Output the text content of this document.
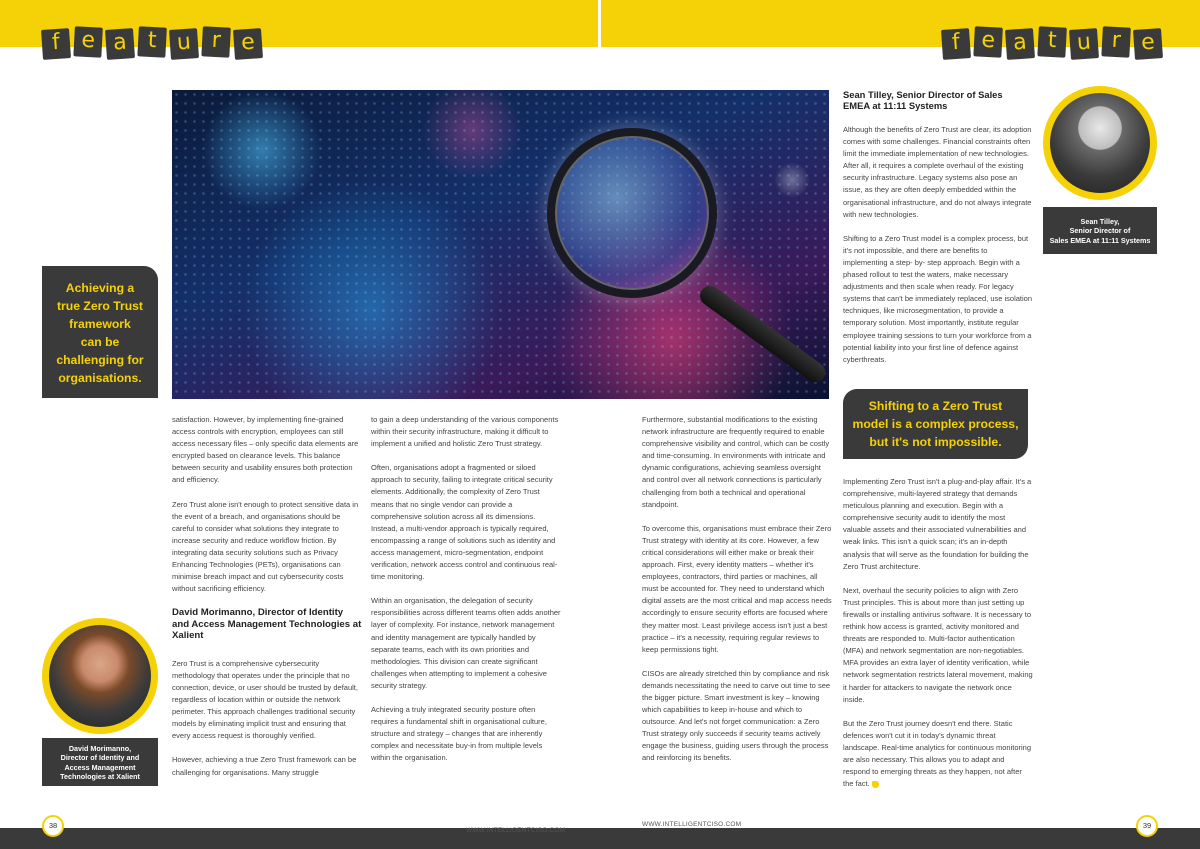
f e a t u r e	f e a t u r e
Achieving a
true Zero Trust
framework
can be
challenging for
organisations.

satisfaction. However, by implementing fine-grained access controls with encryption, employees can still access necessary files – only specific data elements are encrypted based on clearance levels. This balance between security and usability ensures both protection and efficiency.

Zero Trust alone isn't enough to protect sensitive data in the event of a breach, and organisations should be careful to consider what solutions they integrate to increase security and reduce workflow friction. By integrating data security solutions such as Privacy Enhancing Technologies (PETs), organisations can minimise breach impact and cut cybersecurity costs without sacrificing efficiency.

David Morimanno, Director of Identity and Access Management Technologies at Xalient

Zero Trust is a comprehensive cybersecurity methodology that operates under the principle that no connection, device, or user should be trusted by default, regardless of location within or outside the network perimeter. This approach challenges traditional security models by eliminating implicit trust and ensuring that every access request is thoroughly verified.

However, achieving a true Zero Trust framework can be challenging for organisations. Many struggle

to gain a deep understanding of the various components within their security infrastructure, making it difficult to implement a unified and holistic Zero Trust strategy.

Often, organisations adopt a fragmented or siloed approach to security, failing to integrate critical security elements. Additionally, the complexity of Zero Trust means that no single vendor can provide a comprehensive solution across all its dimensions. Instead, a multi-vendor approach is typically required, encompassing a range of solutions such as identity and access management, micro-segmentation, endpoint verification, network access control and continuous real-time monitoring.

Within an organisation, the delegation of security responsibilities across different teams often adds another layer of complexity. For instance, network management and identity management are typically handled by separate teams, each with its own priorities and methodologies. This division can create significant challenges when attempting to implement a cohesive security strategy.

Achieving a truly integrated security posture often requires a fundamental shift in organisational culture, structure and strategy – changes that are inherently complex and necessitate buy-in from multiple levels within the organisation.

David Morimanno,
Director of Identity and
Access Management
Technologies at Xalient

Furthermore, substantial modifications to the existing network infrastructure are frequently required to enable comprehensive visibility and control, which can be costly and time-consuming. In environments with intricate and dynamic configurations, achieving seamless oversight and control over all network connections is particularly challenging from both a technical and operational standpoint.

To overcome this, organisations must embrace their Zero Trust strategy with identity at its core. However, a few critical considerations will either make or break their approach. First, every identity matters – whether it's employees, contractors, third parties or machines, all must be accounted for. They need to understand which digital assets are the most critical and map access needs accordingly to ensure security efforts are focused where they matter most. Least privilege access isn't just a best practice – it's a necessity, requiring regular reviews to keep permissions tight.

CISOs are already stretched thin by compliance and risk demands necessitating the need to carve out time to see the bigger picture. Smart investment is key – knowing which capabilities to keep in-house and which to outsource. And let's not forget communication: a Zero Trust strategy only succeeds if security teams actively engage the business, guiding users through the process and reinforcing its benefits.

Sean Tilley, Senior Director of Sales
EMEA at 11:11 Systems

Although the benefits of Zero Trust are clear, its adoption comes with some challenges. Financial constraints often limit the immediate implementation of new technologies. After all, it requires a complete overhaul of the existing security infrastructure. Legacy systems also pose an issue, as they are often deeply embedded within the organisational infrastructure, and do not always integrate with new technologies.

Shifting to a Zero Trust model is a complex process, but it's not impossible, and there are benefits to implementing a step- by- step approach. Begin with a phased rollout to test the waters, make necessary adjustments and then scale when ready. For legacy systems that can't be immediately replaced, use isolation techniques, like microsegmentation, to provide a temporary solution. Most importantly, institute regular employee training sessions to turn your workforce from a potential liability into your first line of defence against cyberthreats.

Shifting to a Zero Trust
model is a complex process,
but it's not impossible.

Implementing Zero Trust isn't a plug-and-play affair. It's a comprehensive, multi-layered strategy that demands meticulous planning and execution. Begin with a comprehensive security audit to identify the most valuable assets and their associated vulnerabilities and weak links. This isn't a quick scan; it's an in-depth analysis that will serve as the foundation for building the Zero Trust architecture.

Next, overhaul the security policies to align with Zero Trust principles. This is about more than just setting up firewalls or installing antivirus software. It is necessary to rethink how access is granted, activity monitored and threats are responded to. Multi-factor authentication (MFA) and network segmentation are non-negotiables. MFA provides an extra layer of identity verification, while network segmentation restricts lateral movement, making it harder for attackers to navigate the network once inside.

But the Zero Trust journey doesn't end there. Static defences won't cut it in today's dynamic threat landscape. Real-time analytics for continuous monitoring are also necessary. This allows you to adapt and respond to emerging threats as they happen, not after the fact.

Sean Tilley,
Senior Director of
Sales EMEA at 11:11 Systems
38	39
WWW.INTELLIGENTCISO.COM
WWW.INTELLIGENTCISO.COM
